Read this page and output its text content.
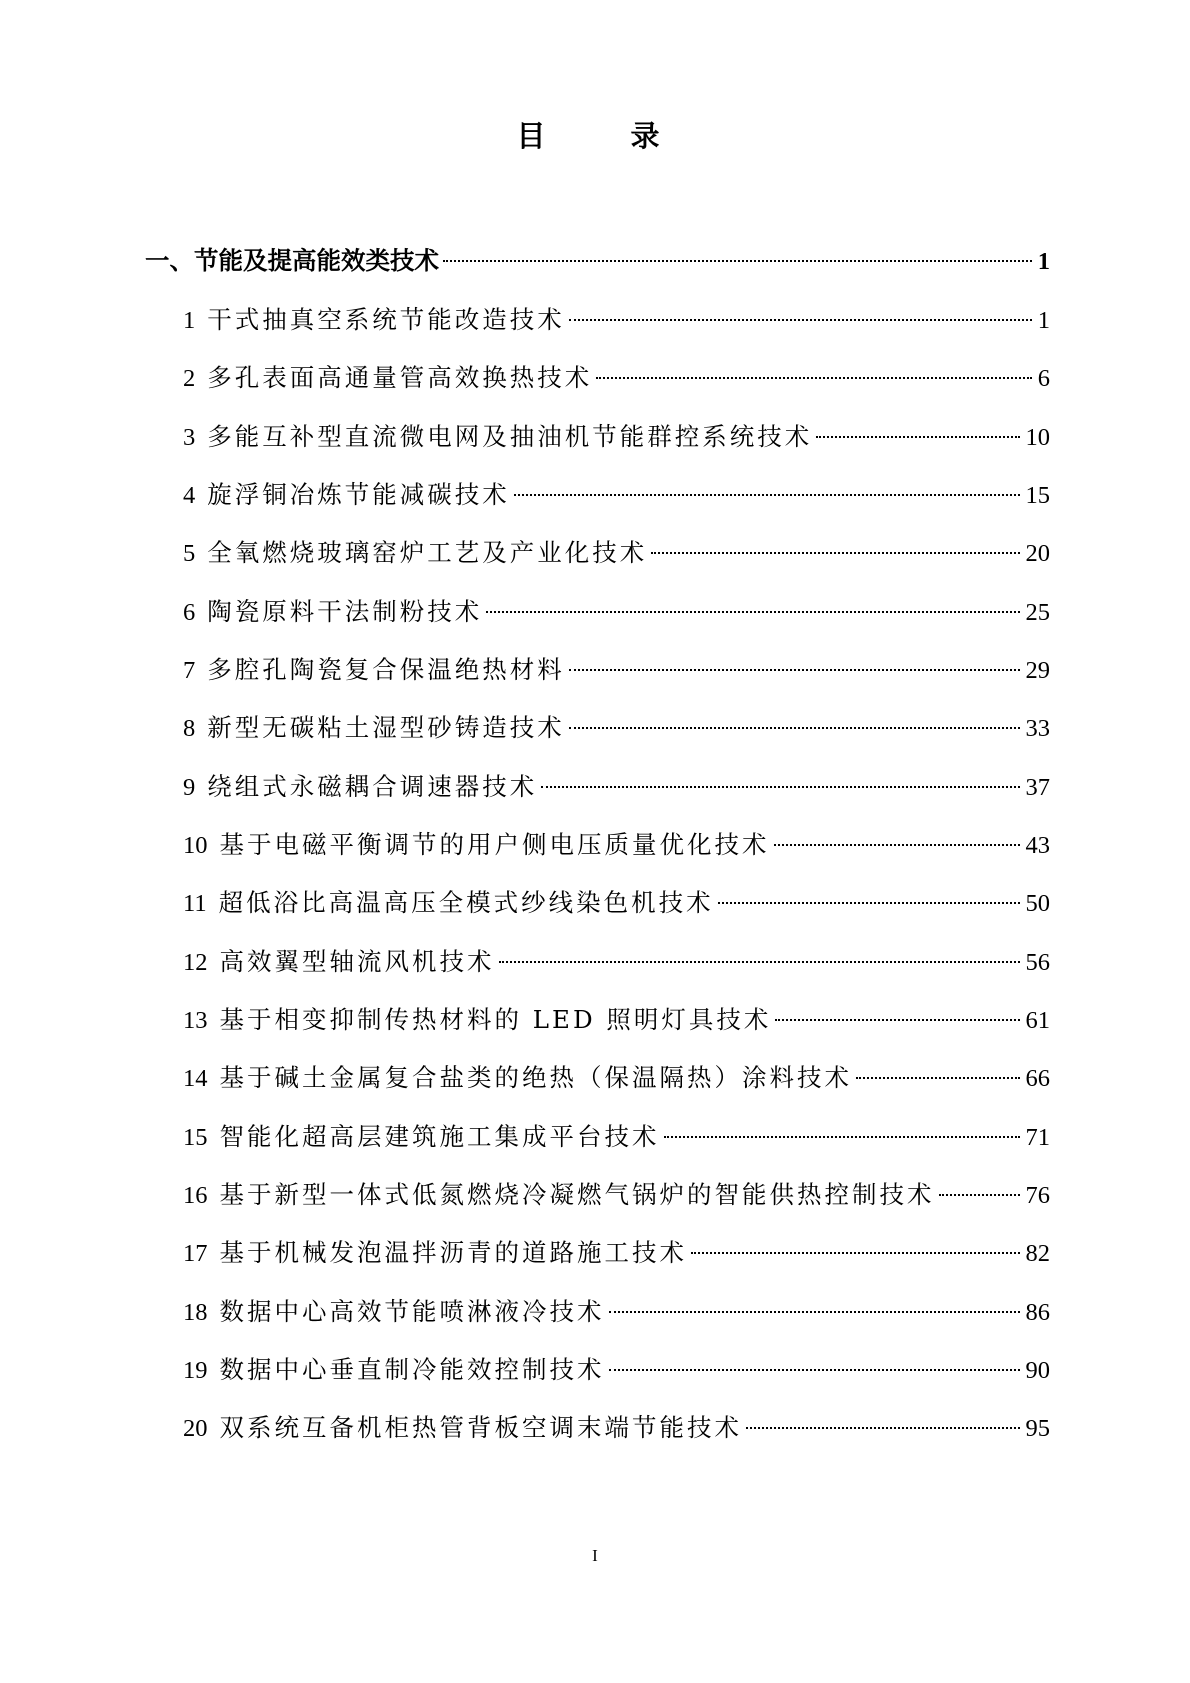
目　录
一、节能及提高能效类技术	1
1 干式抽真空系统节能改造技术	1
2 多孔表面高通量管高效换热技术	6
3 多能互补型直流微电网及抽油机节能群控系统技术	10
4 旋浮铜冶炼节能减碳技术	15
5 全氧燃烧玻璃窑炉工艺及产业化技术	20
6 陶瓷原料干法制粉技术	25
7 多腔孔陶瓷复合保温绝热材料	29
8 新型无碳粘土湿型砂铸造技术	33
9 绕组式永磁耦合调速器技术	37
10 基于电磁平衡调节的用户侧电压质量优化技术	43
11 超低浴比高温高压全模式纱线染色机技术	50
12 高效翼型轴流风机技术	56
13 基于相变抑制传热材料的 LED 照明灯具技术	61
14 基于碱土金属复合盐类的绝热（保温隔热）涂料技术	66
15 智能化超高层建筑施工集成平台技术	71
16 基于新型一体式低氮燃烧冷凝燃气锅炉的智能供热控制技术	76
17 基于机械发泡温拌沥青的道路施工技术	82
18 数据中心高效节能喷淋液冷技术	86
19 数据中心垂直制冷能效控制技术	90
20 双系统互备机柜热管背板空调末端节能技术	95
I
